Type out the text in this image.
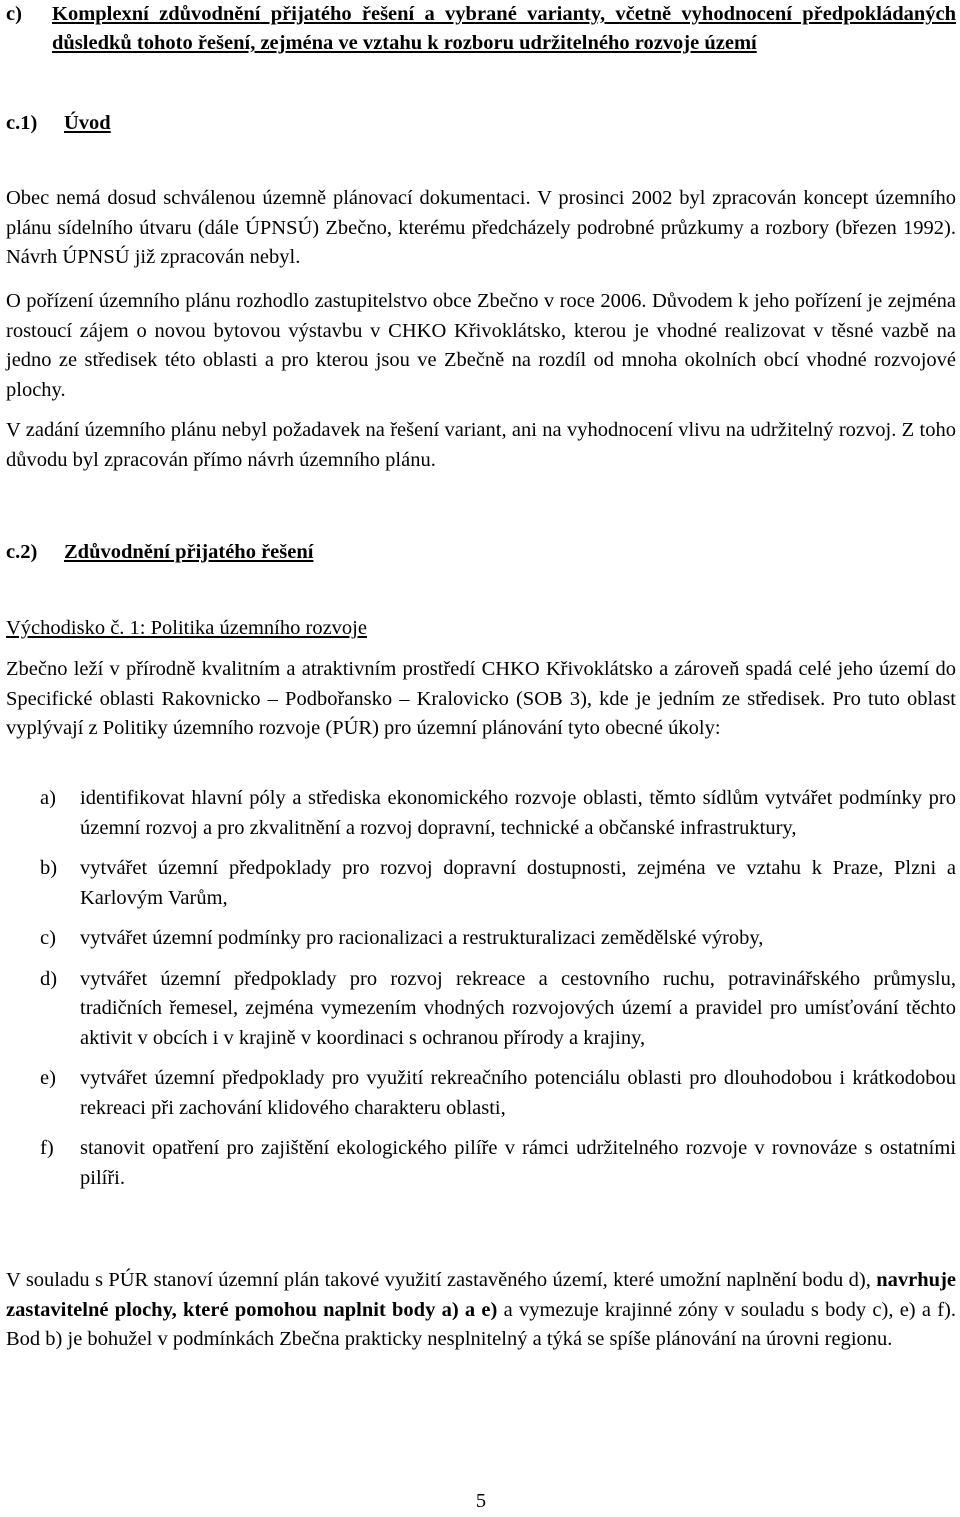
c) Komplexní zdůvodnění přijatého řešení a vybrané varianty, včetně vyhodnocení předpokládaných důsledků tohoto řešení, zejména ve vztahu k rozboru udržitelného rozvoje území
c.1) Úvod

Obec nemá dosud schválenou územně plánovací dokumentaci. V prosinci 2002 byl zpracován koncept územního plánu sídelního útvaru (dále ÚPNSÚ) Zbečno, kterému předcházely podrobné průzkumy a rozbory (březen 1992). Návrh ÚPNSÚ již zpracován nebyl.

O pořízení územního plánu rozhodlo zastupitelstvo obce Zbečno v roce 2006. Důvodem k jeho pořízení je zejména rostoucí zájem o novou bytovou výstavbu v CHKO Křivoklátsko, kterou je vhodné realizovat v těsné vazbě na jedno ze středisek této oblasti a pro kterou jsou ve Zbečně na rozdíl od mnoha okolních obcí vhodné rozvojové plochy.

V zadání územního plánu nebyl požadavek na řešení variant, ani na vyhodnocení vlivu na udržitelný rozvoj. Z toho důvodu byl zpracován přímo návrh územního plánu.

c.2) Zdůvodnění přijatého řešení

Východisko č. 1: Politika územního rozvoje

Zbečno leží v přírodně kvalitním a atraktivním prostředí CHKO Křivoklátsko a zároveň spadá celé jeho území do Specifické oblasti Rakovnicko – Podbořansko – Kralovicko (SOB 3), kde je jedním ze středisek. Pro tuto oblast vyplývají z Politiky územního rozvoje (PÚR) pro územní plánování tyto obecné úkoly:

a) identifikovat hlavní póly a střediska ekonomického rozvoje oblasti, těmto sídlům vytvářet podmínky pro územní rozvoj a pro zkvalitnění a rozvoj dopravní, technické a občanské infrastruktury,
b) vytvářet územní předpoklady pro rozvoj dopravní dostupnosti, zejména ve vztahu k Praze, Plzni a Karlovým Varům,
c) vytvářet územní podmínky pro racionalizaci a restrukturalizaci zemědělské výroby,
d) vytvářet územní předpoklady pro rozvoj rekreace a cestovního ruchu, potravinářského průmyslu, tradičních řemesel, zejména vymezením vhodných rozvojových území a pravidel pro umísťování těchto aktivit v obcích i v krajině v koordinaci s ochranou přírody a krajiny,
e) vytvářet územní předpoklady pro využití rekreačního potenciálu oblasti pro dlouhodobou i krátkodobou rekreaci při zachování klidového charakteru oblasti,
f) stanovit opatření pro zajištění ekologického pilíře v rámci udržitelného rozvoje v rovnováze s ostatními pilíři.

V souladu s PÚR stanoví územní plán takové využití zastavěného území, které umožní naplnění bodu d), navrhuje zastavitelné plochy, které pomohou naplnit body a) a e) a vymezuje krajinné zóny v souladu s body c), e) a f). Bod b) je bohužel v podmínkách Zbečna prakticky nesplnitelný a týká se spíše plánování na úrovni regionu.

5
